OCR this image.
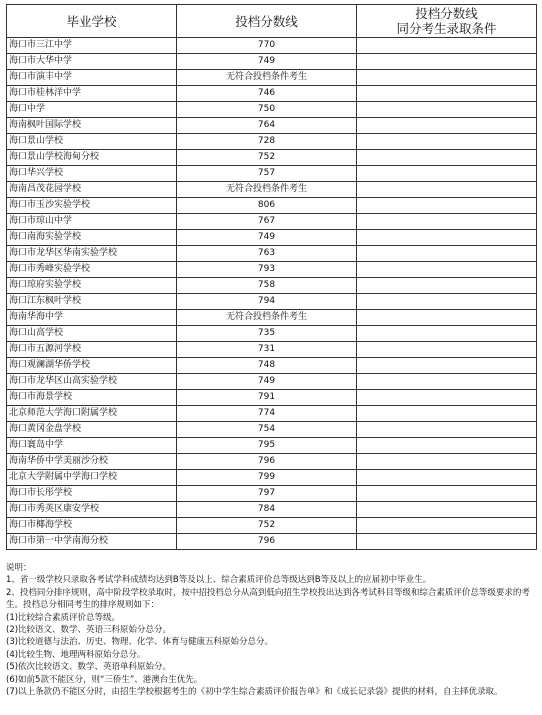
毕业学校	投档分数线	投档分数线
同分考生录取条件

海口市三江中学	770	
海口市大华中学	749	
海口市演丰中学	无符合投档条件考生	
海口市桂林洋中学	746	
海口中学	750	
海南枫叶国际学校	764	
海口景山学校	728	
海口景山学校海甸分校	752	
海口华兴学校	757	
海南昌茂花园学校	无符合投档条件考生	
海口市玉沙实验学校	806	
海口市琼山中学	767	
海口南海实验学校	749	
海口市龙华区华南实验学校	763	
海口市秀峰实验学校	793	
海口琼府实验学校	758	
海口江东枫叶学校	794	
海南华海中学	无符合投档条件考生	
海口山高学校	735	
海口市五源河学校	731	
海口观澜湖华侨学校	748	
海口市龙华区山高实验学校	749	
海口市海景学校	791	
北京师范大学海口附属学校	774	
海口黄冈金盘学校	754	
海口寰岛中学	795	
海南华侨中学美丽沙分校	796	
北京大学附属中学海口学校	799	
海口市长彤学校	797	
海口市秀英区康安学校	784	
海口市椰海学校	752	
海口市第一中学南海分校	796	
说明：
1、省一级学校只录取各考试学科成绩均达到B等及以上、综合素质评价总等级达到B等及以上的应届初中毕业生。
2、投档同分排序规则，高中阶段学校录取时，按中招投档总分从高到低向招生学校投出达到各考试科目等级和综合素质评价总等级要求的考生。投档总分相同考生的排序规则如下：
(1)比较综合素质评价总等级。
(2)比较语文、数学、英语三科原始分总分。
(3)比较道德与法治、历史、物理、化学、体育与健康五科原始分总分。
(4)比较生物、地理两科原始分总分。
(5)依次比较语文、数学、英语单科原始分。
(6)如前5款不能区分，则“三侨生”、港澳台生优先。
(7)以上条款仍不能区分时，由招生学校根据考生的《初中学生综合素质评价报告单》和《成长记录袋》提供的材料，自主择优录取。
